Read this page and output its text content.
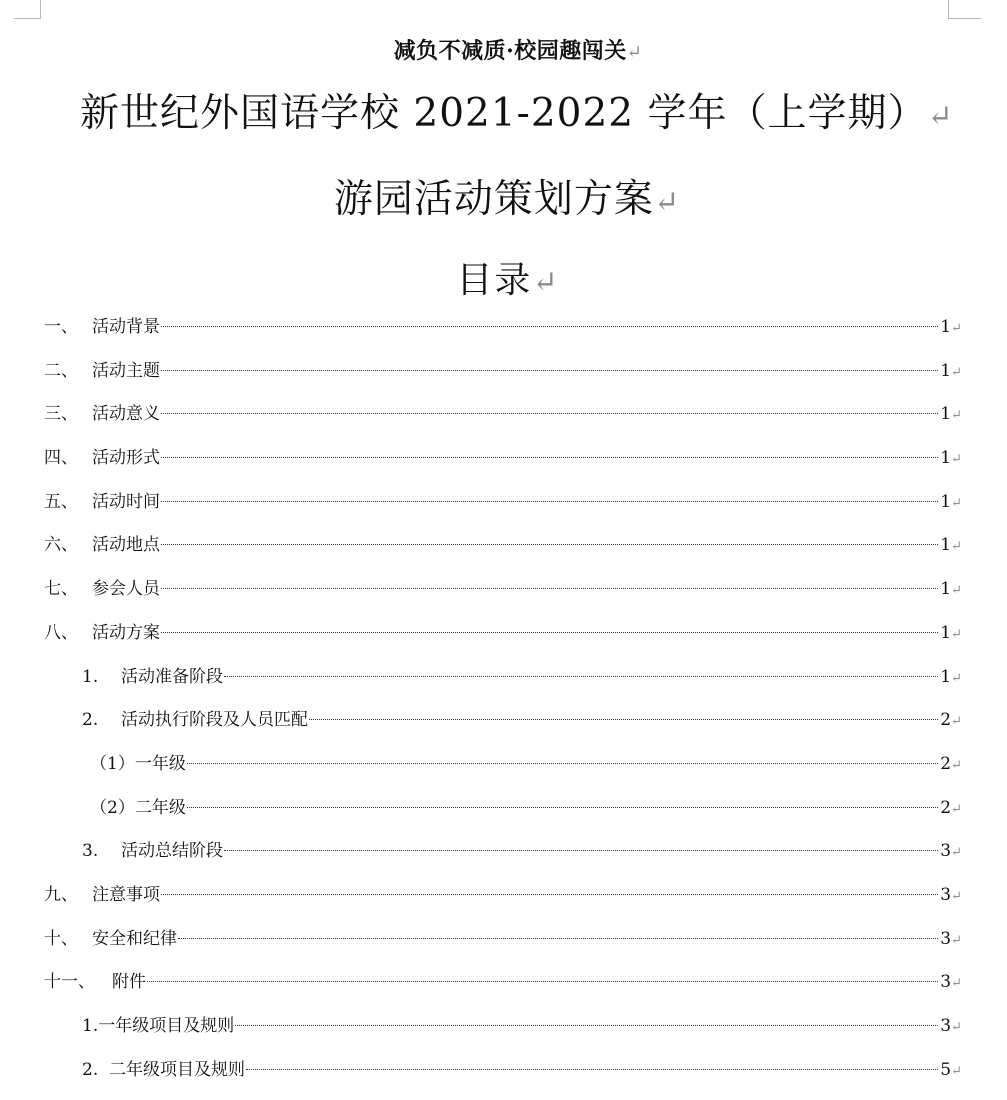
减负不减质·校园趣闯关↵
新世纪外国语学校 2021-2022 学年（上学期）↵
游园活动策划方案↵
目录↵
一、 活动背景	1 ↵
二、 活动主题	1 ↵
三、 活动意义	1 ↵
四、 活动形式	1 ↵
五、 活动时间	1 ↵
六、 活动地点	1 ↵
七、 参会人员	1 ↵
八、 活动方案	1 ↵
1.	活动准备阶段	1 ↵
2.	活动执行阶段及人员匹配	2 ↵
（1）一年级	2 ↵
（2）二年级	2 ↵
3.	活动总结阶段	3 ↵
九、 注意事项	3 ↵
十、 安全和纪律	3 ↵
十一、	附件	3 ↵
1.一年级项目及规则	3 ↵
2.  二年级项目及规则	5 ↵
